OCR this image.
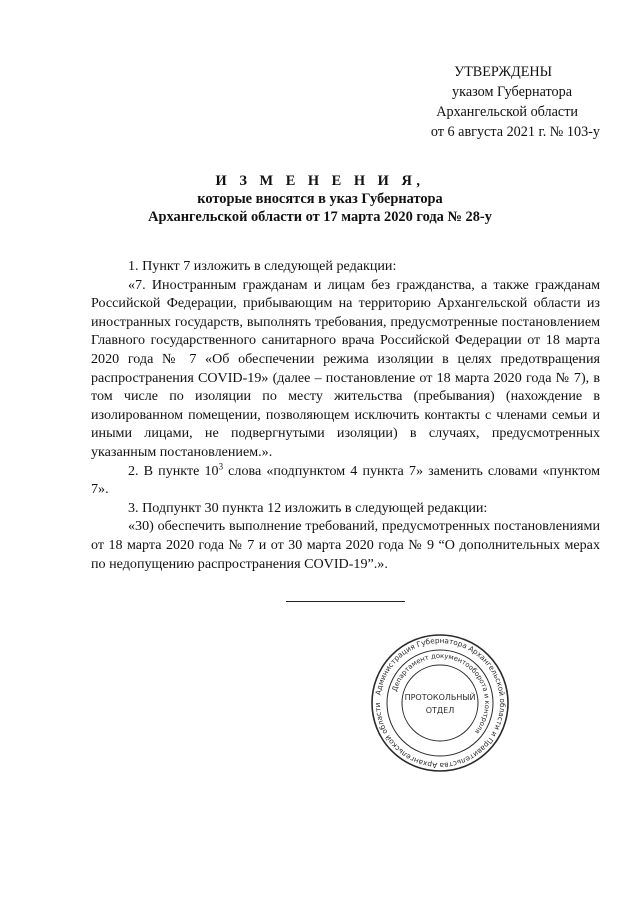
УТВЕРЖДЕНЫ
указом Губернатора
Архангельской области
от 6 августа 2021 г. № 103-у
И З М Е Н Е Н И Я,
которые вносятся в указ Губернатора
Архангельской области от 17 марта 2020 года № 28-у

1. Пункт 7 изложить в следующей редакции:

«7. Иностранным гражданам и лицам без гражданства, а также гражданам Российской Федерации, прибывающим на территорию Архангельской области из иностранных государств, выполнять требования, предусмотренные постановлением Главного государственного санитарного врача Российской Федерации от 18 марта 2020 года № 7 «Об обеспечении режима изоляции в целях предотвращения распространения COVID-19» (далее – постановление от 18 марта 2020 года № 7), в том числе по изоляции по месту жительства (пребывания) (нахождение в изолированном помещении, позволяющем исключить контакты с членами семьи и иными лицами, не подвергнутыми изоляции) в случаях, предусмотренных указанным постановлением.».

2. В пункте $10^3$ слова «подпунктом 4 пункта 7» заменить словами «пунктом 7».

3. Подпункт 30 пункта 12 изложить в следующей редакции:

«30) обеспечить выполнение требований, предусмотренных постановлениями от 18 марта 2020 года № 7 и от 30 марта 2020 года № 9 “О дополнительных мерах по недопущению распространения COVID-19”.».

Администрация Губернатора Архангельской области и Правительства Архангельской области
Департамент документооборота и контроля
ПРОТОКОЛЬНЫЙ
ОТДЕЛ
